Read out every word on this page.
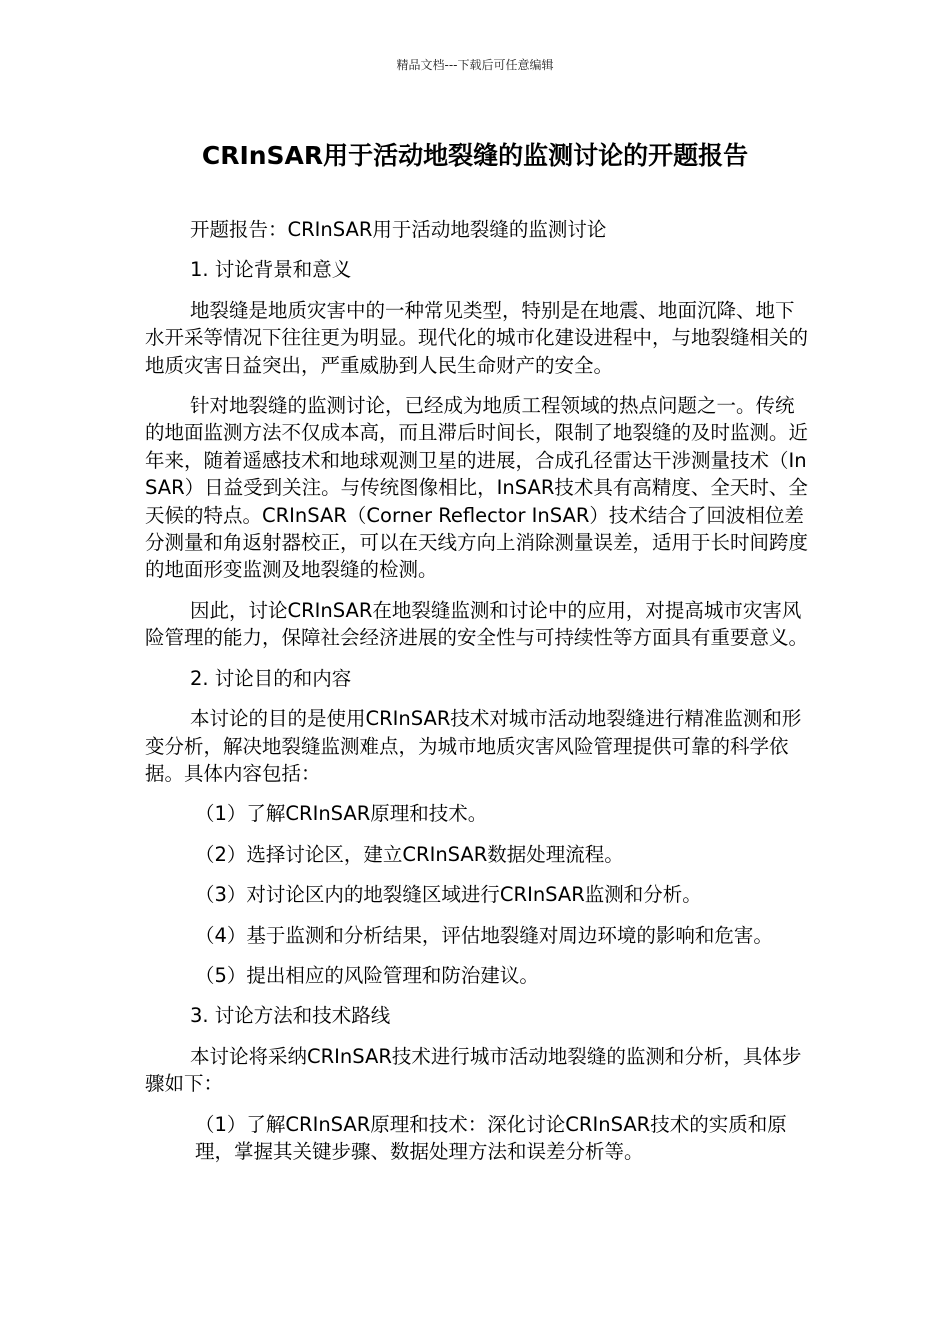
精品文档---下载后可任意编辑
CRInSAR用于活动地裂缝的监测讨论的开题报告

开题报告：CRInSAR用于活动地裂缝的监测讨论

1. 讨论背景和意义

地裂缝是地质灾害中的一种常见类型，特别是在地震、地面沉降、地下水开采等情况下往往更为明显。现代化的城市化建设进程中，与地裂缝相关的地质灾害日益突出，严重威胁到人民生命财产的安全。

针对地裂缝的监测讨论，已经成为地质工程领域的热点问题之一。传统的地面监测方法不仅成本高，而且滞后时间长，限制了地裂缝的及时监测。近年来，随着遥感技术和地球观测卫星的进展，合成孔径雷达干涉测量技术（InSAR）日益受到关注。与传统图像相比，InSAR技术具有高精度、全天时、全天候的特点。CRInSAR（Corner Reflector InSAR）技术结合了回波相位差分测量和角返射器校正，可以在天线方向上消除测量误差，适用于长时间跨度的地面形变监测及地裂缝的检测。

因此，讨论CRInSAR在地裂缝监测和讨论中的应用，对提高城市灾害风险管理的能力，保障社会经济进展的安全性与可持续性等方面具有重要意义。

2. 讨论目的和内容

本讨论的目的是使用CRInSAR技术对城市活动地裂缝进行精准监测和形变分析，解决地裂缝监测难点，为城市地质灾害风险管理提供可靠的科学依据。具体内容包括：

（1）了解CRInSAR原理和技术。

（2）选择讨论区，建立CRInSAR数据处理流程。

（3）对讨论区内的地裂缝区域进行CRInSAR监测和分析。

（4）基于监测和分析结果，评估地裂缝对周边环境的影响和危害。

（5）提出相应的风险管理和防治建议。

3. 讨论方法和技术路线

本讨论将采纳CRInSAR技术进行城市活动地裂缝的监测和分析，具体步骤如下：

（1）了解CRInSAR原理和技术：深化讨论CRInSAR技术的实质和原理，掌握其关键步骤、数据处理方法和误差分析等。
